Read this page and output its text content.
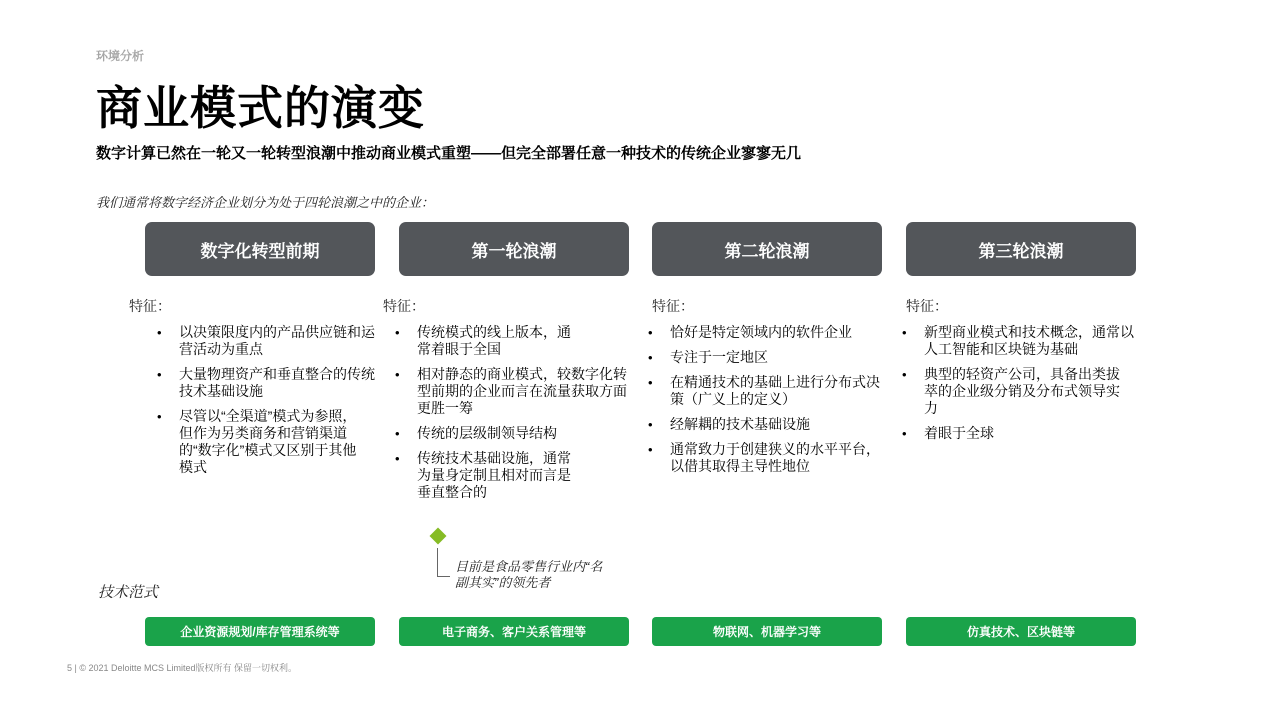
环境分析
商业模式的演变
数字计算已然在一轮又一轮转型浪潮中推动商业模式重塑——但完全部署任意一种技术的传统企业寥寥无几
我们通常将数字经济企业划分为处于四轮浪潮之中的企业：
数字化转型前期
特征：
• 以决策限度内的产品供应链和运营活动为重点
• 大量物理资产和垂直整合的传统技术基础设施
• 尽管以“全渠道”模式为参照，但作为另类商务和营销渠道的“数字化”模式又区别于其他模式
第一轮浪潮
特征：
• 传统模式的线上版本，通常着眼于全国
• 相对静态的商业模式，较数字化转型前期的企业而言在流量获取方面更胜一筹
• 传统的层级制领导结构
• 传统技术基础设施，通常为量身定制且相对而言是垂直整合的
第二轮浪潮
特征：
• 恰好是特定领域内的软件企业
• 专注于一定地区
• 在精通技术的基础上进行分布式决策（广义上的定义）
• 经解耦的技术基础设施
• 通常致力于创建狭义的水平平台，以借其取得主导性地位
第三轮浪潮
特征：
• 新型商业模式和技术概念，通常以人工智能和区块链为基础
• 典型的轻资产公司，具备出类拔萃的企业级分销及分布式领导实力
• 着眼于全球
目前是食品零售行业内“名副其实”的领先者
技术范式
企业资源规划/库存管理系统等	电子商务、客户关系管理等	物联网、机器学习等	仿真技术、区块链等
5 | © 2021 Deloitte MCS Limited版权所有 保留一切权利。
